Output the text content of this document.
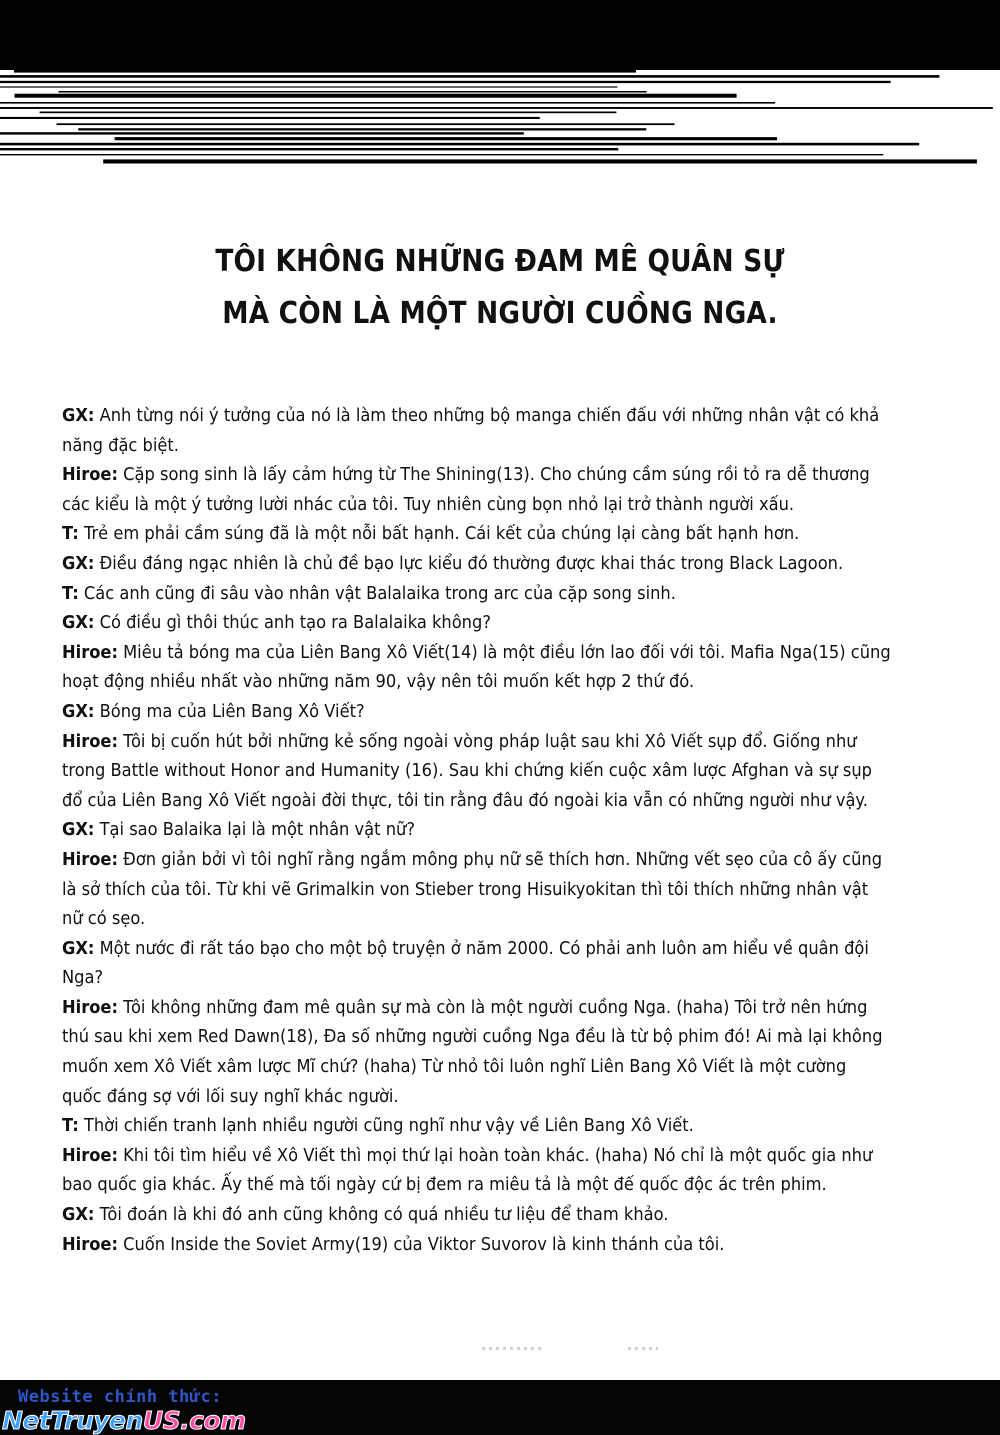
TÔI KHÔNG NHỮNG ĐAM MÊ QUÂN SỰ
MÀ CÒN LÀ MỘT NGƯỜI CUỒNG NGA.
GX: Anh từng nói ý tưởng của nó là làm theo những bộ manga chiến đấu với những nhân vật có khả
năng đặc biệt.
Hiroe: Cặp song sinh là lấy cảm hứng từ The Shining(13). Cho chúng cầm súng rồi tỏ ra dễ thương
các kiểu là một ý tưởng lười nhác của tôi. Tuy nhiên cùng bọn nhỏ lại trở thành người xấu.
T: Trẻ em phải cầm súng đã là một nỗi bất hạnh. Cái kết của chúng lại càng bất hạnh hơn.
GX: Điều đáng ngạc nhiên là chủ đề bạo lực kiểu đó thường được khai thác trong Black Lagoon.
T: Các anh cũng đi sâu vào nhân vật Balalaika trong arc của cặp song sinh.
GX: Có điều gì thôi thúc anh tạo ra Balalaika không?
Hiroe: Miêu tả bóng ma của Liên Bang Xô Viết(14) là một điều lớn lao đối với tôi. Mafia Nga(15) cũng
hoạt động nhiều nhất vào những năm 90, vậy nên tôi muốn kết hợp 2 thứ đó.
GX: Bóng ma của Liên Bang Xô Viết?
Hiroe: Tôi bị cuốn hút bởi những kẻ sống ngoài vòng pháp luật sau khi Xô Viết sụp đổ. Giống như
trong Battle without Honor and Humanity (16). Sau khi chứng kiến cuộc xâm lược Afghan và sự sụp
đổ của Liên Bang Xô Viết ngoài đời thực, tôi tin rằng đâu đó ngoài kia vẫn có những người như vậy.
GX: Tại sao Balaika lại là một nhân vật nữ?
Hiroe: Đơn giản bởi vì tôi nghĩ rằng ngắm mông phụ nữ sẽ thích hơn. Những vết sẹo của cô ấy cũng
là sở thích của tôi. Từ khi vẽ Grimalkin von Stieber trong Hisuikyokitan thì tôi thích những nhân vật
nữ có sẹo.
GX: Một nước đi rất táo bạo cho một bộ truyện ở năm 2000. Có phải anh luôn am hiểu về quân đội
Nga?
Hiroe: Tôi không những đam mê quân sự mà còn là một người cuồng Nga. (haha) Tôi trở nên hứng
thú sau khi xem Red Dawn(18), Đa số những người cuồng Nga đều là từ bộ phim đó! Ai mà lại không
muốn xem Xô Viết xâm lược Mĩ chứ? (haha) Từ nhỏ tôi luôn nghĩ Liên Bang Xô Viết là một cường
quốc đáng sợ với lối suy nghĩ khác người.
T: Thời chiến tranh lạnh nhiều người cũng nghĩ như vậy về Liên Bang Xô Viết.
Hiroe: Khi tôi tìm hiểu về Xô Viết thì mọi thứ lại hoàn toàn khác. (haha) Nó chỉ là một quốc gia như
bao quốc gia khác. Ấy thế mà tối ngày cứ bị đem ra miêu tả là một đế quốc độc ác trên phim.
GX: Tôi đoán là khi đó anh cũng không có quá nhiều tư liệu để tham khảo.
Hiroe: Cuốn Inside the Soviet Army(19) của Viktor Suvorov là kinh thánh của tôi.
Website chính thức:
NetTruyenUS.com
